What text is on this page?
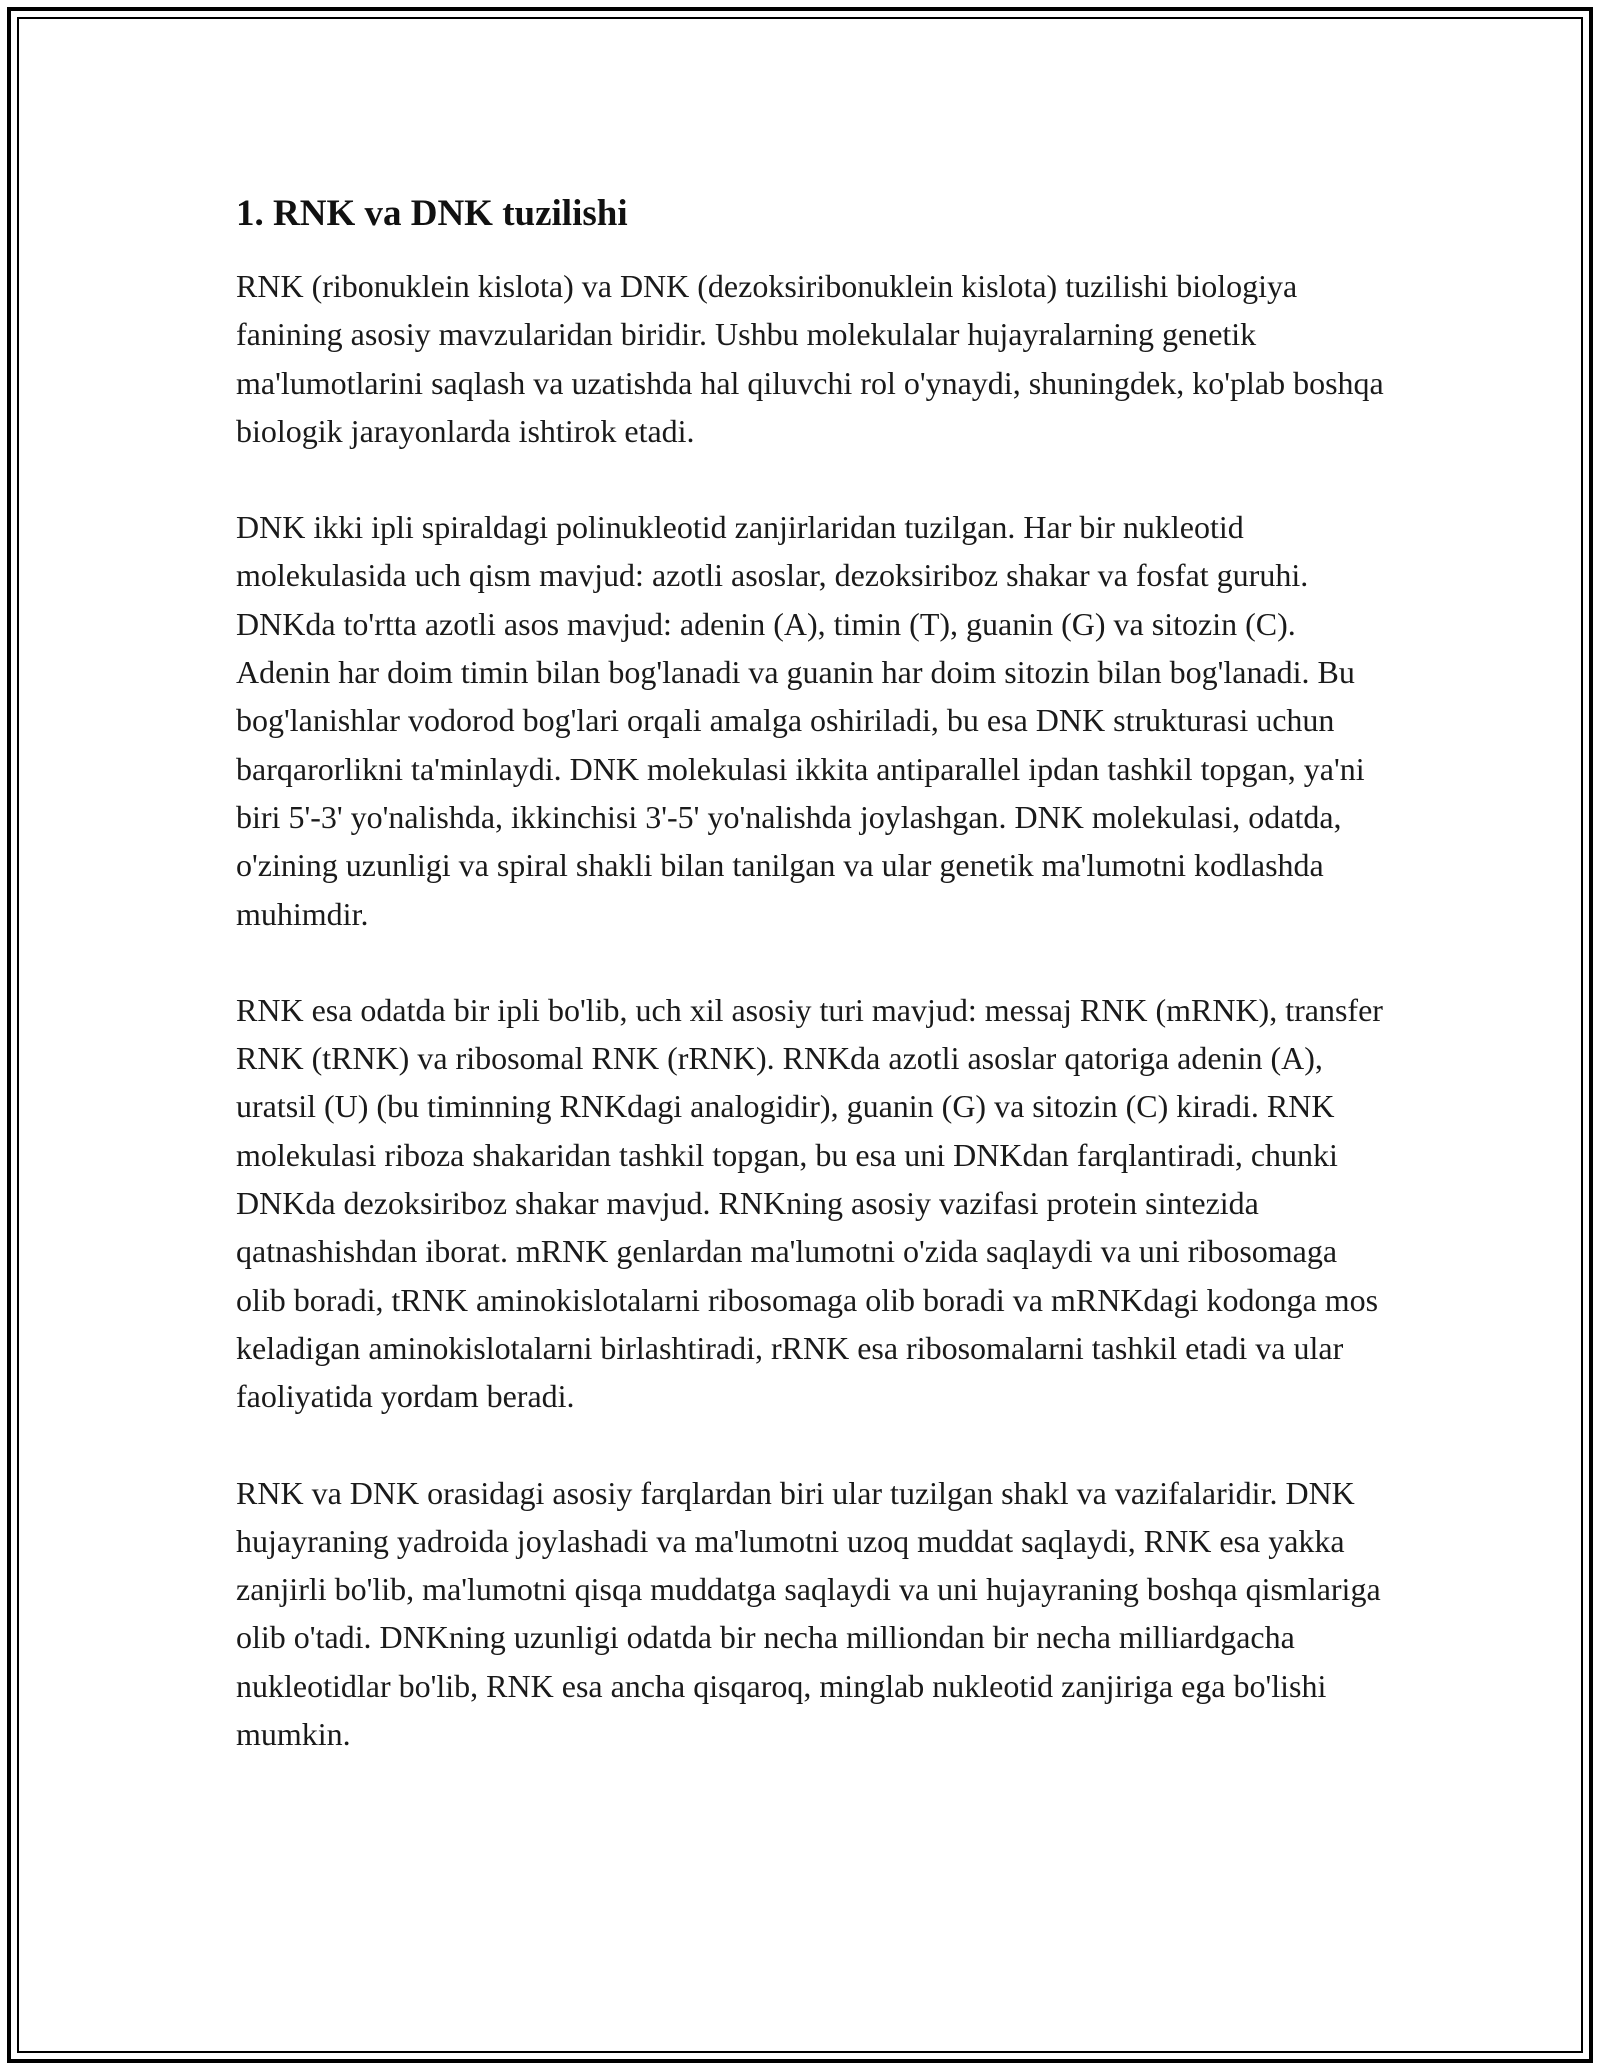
1. RNK va DNK tuzilishi

RNK (ribonuklein kislota) va DNK (dezoksiribonuklein kislota) tuzilishi biologiya fanining asosiy mavzularidan biridir. Ushbu molekulalar hujayralarning genetik ma'lumotlarini saqlash va uzatishda hal qiluvchi rol o'ynaydi, shuningdek, ko'plab boshqa biologik jarayonlarda ishtirok etadi.

DNK ikki ipli spiraldagi polinukleotid zanjirlaridan tuzilgan. Har bir nukleotid molekulasida uch qism mavjud: azotli asoslar, dezoksiriboz shakar va fosfat guruhi. DNKda to'rtta azotli asos mavjud: adenin (A), timin (T), guanin (G) va sitozin (C). Adenin har doim timin bilan bog'lanadi va guanin har doim sitozin bilan bog'lanadi. Bu bog'lanishlar vodorod bog'lari orqali amalga oshiriladi, bu esa DNK strukturasi uchun barqarorlikni ta'minlaydi. DNK molekulasi ikkita antiparallel ipdan tashkil topgan, ya'ni biri 5'-3' yo'nalishda, ikkinchisi 3'-5' yo'nalishda joylashgan. DNK molekulasi, odatda, o'zining uzunligi va spiral shakli bilan tanilgan va ular genetik ma'lumotni kodlashda muhimdir.

RNK esa odatda bir ipli bo'lib, uch xil asosiy turi mavjud: messaj RNK (mRNK), transfer RNK (tRNK) va ribosomal RNK (rRNK). RNKda azotli asoslar qatoriga adenin (A), uratsil (U) (bu timinning RNKdagi analogidir), guanin (G) va sitozin (C) kiradi. RNK molekulasi riboza shakaridan tashkil topgan, bu esa uni DNKdan farqlantiradi, chunki DNKda dezoksiriboz shakar mavjud. RNKning asosiy vazifasi protein sintezida qatnashishdan iborat. mRNK genlardan ma'lumotni o'zida saqlaydi va uni ribosomaga olib boradi, tRNK aminokislotalarni ribosomaga olib boradi va mRNKdagi kodonga mos keladigan aminokislotalarni birlashtiradi, rRNK esa ribosomalarni tashkil etadi va ular faoliyatida yordam beradi.

RNK va DNK orasidagi asosiy farqlardan biri ular tuzilgan shakl va vazifalaridir. DNK hujayraning yadroida joylashadi va ma'lumotni uzoq muddat saqlaydi, RNK esa yakka zanjirli bo'lib, ma'lumotni qisqa muddatga saqlaydi va uni hujayraning boshqa qismlariga olib o'tadi. DNKning uzunligi odatda bir necha milliondan bir necha milliardgacha nukleotidlar bo'lib, RNK esa ancha qisqaroq, minglab nukleotid zanjiriga ega bo'lishi mumkin.
